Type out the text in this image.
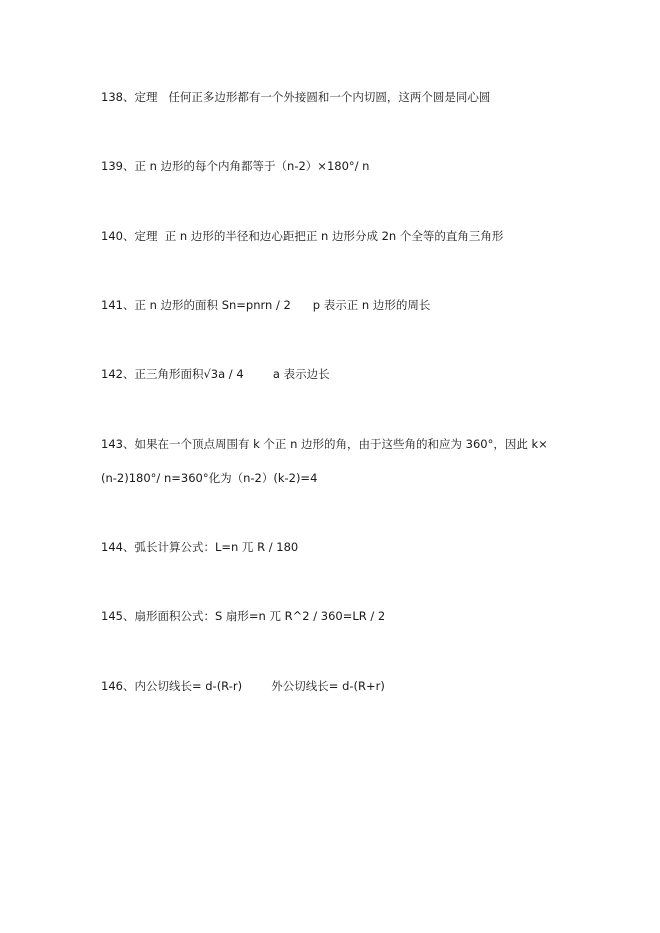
138、定理   任何正多边形都有一个外接圆和一个内切圆，这两个圆是同心圆
139、正 n 边形的每个内角都等于（n-2）×180°/ n
140、定理  正 n 边形的半径和边心距把正 n 边形分成 2n 个全等的直角三角形
141、正 n 边形的面积 Sn=pnrn / 2      p 表示正 n 边形的周长
142、正三角形面积√3a / 4        a 表示边长
143、如果在一个顶点周围有 k 个正 n 边形的角，由于这些角的和应为 360°，因此 k×
(n-2)180°/ n=360°化为（n-2）(k-2)=4
144、弧长计算公式：L=n 兀 R / 180
145、扇形面积公式：S 扇形=n 兀 R^2 / 360=LR / 2
146、内公切线长= d-(R-r)        外公切线长= d-(R+r)
